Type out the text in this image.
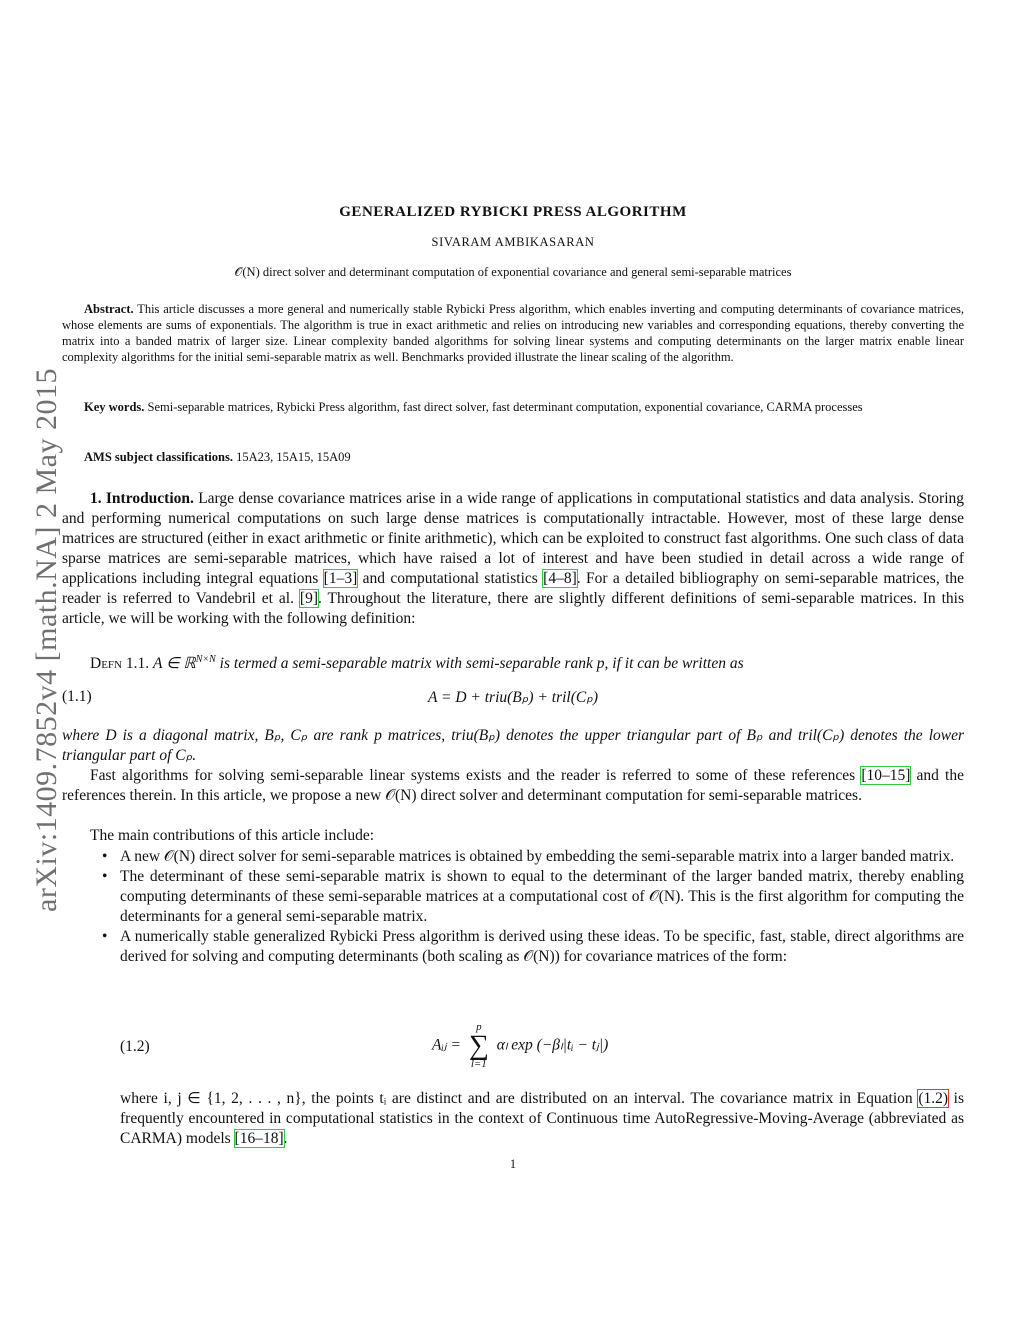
arXiv:1409.7852v4 [math.NA] 2 May 2015
GENERALIZED RYBICKI PRESS ALGORITHM
SIVARAM AMBIKASARAN
𝒪(N) direct solver and determinant computation of exponential covariance and general semi-separable matrices
Abstract. This article discusses a more general and numerically stable Rybicki Press algorithm, which enables inverting and computing determinants of covariance matrices, whose elements are sums of exponentials. The algorithm is true in exact arithmetic and relies on introducing new variables and corresponding equations, thereby converting the matrix into a banded matrix of larger size. Linear complexity banded algorithms for solving linear systems and computing determinants on the larger matrix enable linear complexity algorithms for the initial semi-separable matrix as well. Benchmarks provided illustrate the linear scaling of the algorithm.
Key words. Semi-separable matrices, Rybicki Press algorithm, fast direct solver, fast determinant computation, exponential covariance, CARMA processes
AMS subject classifications. 15A23, 15A15, 15A09
1. Introduction. Large dense covariance matrices arise in a wide range of applications in computational statistics and data analysis. Storing and performing numerical computations on such large dense matrices is computationally intractable. However, most of these large dense matrices are structured (either in exact arithmetic or finite arithmetic), which can be exploited to construct fast algorithms. One such class of data sparse matrices are semi-separable matrices, which have raised a lot of interest and have been studied in detail across a wide range of applications including integral equations [1–3] and computational statistics [4–8]. For a detailed bibliography on semi-separable matrices, the reader is referred to Vandebril et al. [9]. Throughout the literature, there are slightly different definitions of semi-separable matrices. In this article, we will be working with the following definition:
Defn 1.1. A ∈ ℝ$^{N\times N}$ is termed a semi-separable matrix with semi-separable rank p, if it can be written as
(1.1)	A = D + triu(Bₚ) + tril(Cₚ)
where D is a diagonal matrix, Bₚ, Cₚ are rank p matrices, triu(Bₚ) denotes the upper triangular part of Bₚ and tril(Cₚ) denotes the lower triangular part of Cₚ.
Fast algorithms for solving semi-separable linear systems exists and the reader is referred to some of these references [10–15] and the references therein. In this article, we propose a new 𝒪(N) direct solver and determinant computation for semi-separable matrices.
The main contributions of this article include:
• A new 𝒪(N) direct solver for semi-separable matrices is obtained by embedding the semi-separable matrix into a larger banded matrix.
• The determinant of these semi-separable matrix is shown to equal to the determinant of the larger banded matrix, thereby enabling computing determinants of these semi-separable matrices at a computational cost of 𝒪(N). This is the first algorithm for computing the determinants for a general semi-separable matrix.
• A numerically stable generalized Rybicki Press algorithm is derived using these ideas. To be specific, fast, stable, direct algorithms are derived for solving and computing determinants (both scaling as 𝒪(N)) for covariance matrices of the form:
(1.2)	Aᵢⱼ =
p
∑
l=1
αₗ exp (−βₗ|tᵢ − tⱼ|)
where i, j ∈ {1, 2, . . . , n}, the points tᵢ are distinct and are distributed on an interval. The covariance matrix in Equation (1.2) is frequently encountered in computational statistics in the context of Continuous time AutoRegressive-Moving-Average (abbreviated as CARMA) models [16–18].
1
